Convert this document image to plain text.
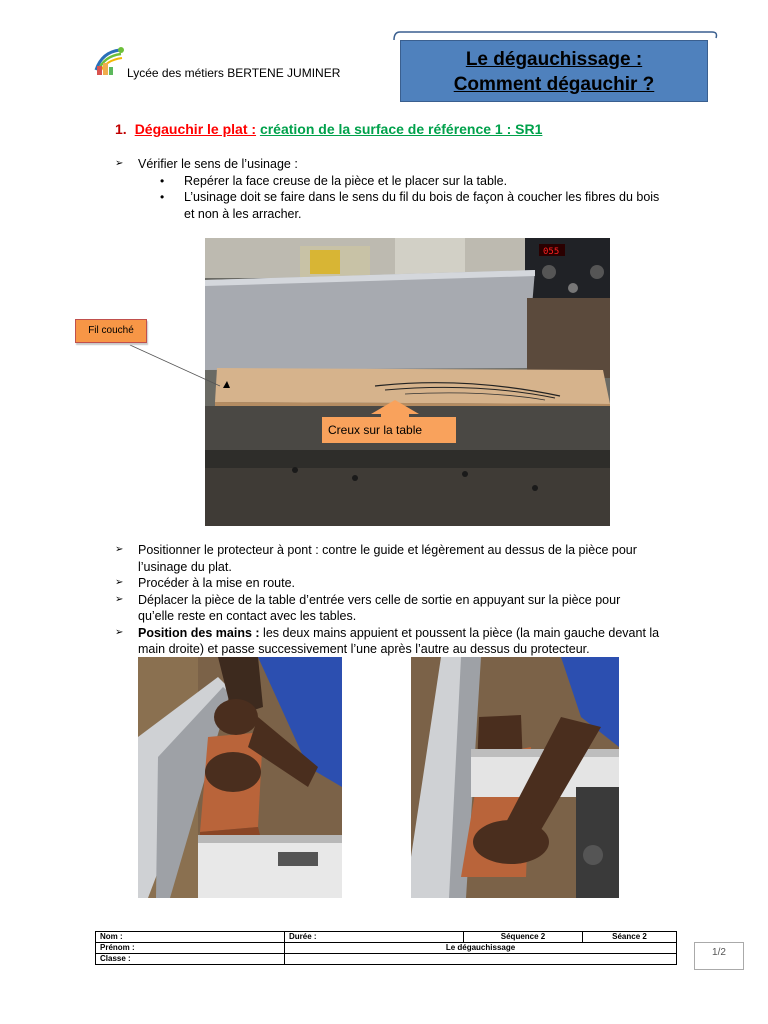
Lycée des métiers BERTENE JUMINER
Le dégauchissage :
Comment dégauchir ?
1. Dégauchir le plat : création de la surface de référence 1 : SR1
➢ Vérifier le sens de l’usinage :
• Repérer la face creuse de la pièce et le placer sur la table.
• L’usinage doit se faire dans le sens du fil du bois de façon à coucher les fibres du bois
et non à les arracher.
055
Fil couché
Creux sur la table
➢ Positionner le protecteur à pont : contre le guide et légèrement au dessus de la pièce pour
l’usinage du plat.
➢ Procéder à la mise en route.
➢ Déplacer la pièce de la table d’entrée vers celle de sortie en appuyant sur la pièce pour
qu’elle reste en contact avec les tables.
➢ Position des mains : les deux mains appuient et poussent la pièce (la main gauche devant la
main droite) et passe successivement l’une après l’autre au dessus du protecteur.
Nom :	Durée :	Séquence 2	Séance 2
Prénom :	Le dégauchissage		
Classe :			
1/2
